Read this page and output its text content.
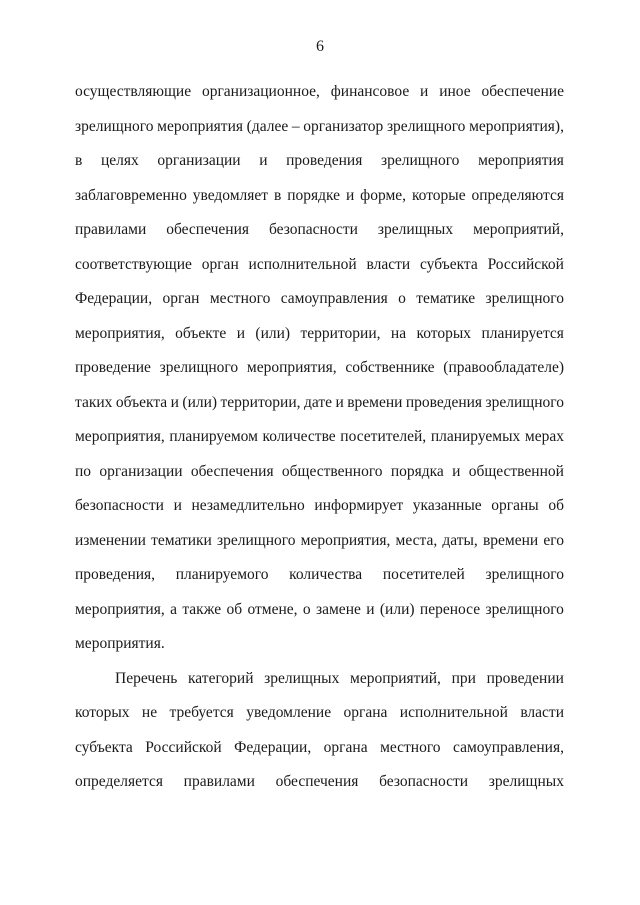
6
осуществляющие организационное, финансовое и иное обеспечение
зрелищного мероприятия (далее – организатор зрелищного мероприятия),
в целях организации и проведения зрелищного мероприятия
заблаговременно уведомляет в порядке и форме, которые определяются
правилами обеспечения безопасности зрелищных мероприятий,
соответствующие орган исполнительной власти субъекта Российской
Федерации, орган местного самоуправления о тематике зрелищного
мероприятия, объекте и (или) территории, на которых планируется
проведение зрелищного мероприятия, собственнике (правообладателе)
таких объекта и (или) территории, дате и времени проведения зрелищного
мероприятия, планируемом количестве посетителей, планируемых мерах
по организации обеспечения общественного порядка и общественной
безопасности и незамедлительно информирует указанные органы об
изменении тематики зрелищного мероприятия, места, даты, времени его
проведения, планируемого количества посетителей зрелищного
мероприятия, а также об отмене, о замене и (или) переносе зрелищного
мероприятия.
Перечень категорий зрелищных мероприятий, при проведении
которых не требуется уведомление органа исполнительной власти
субъекта Российской Федерации, органа местного самоуправления,
определяется правилами обеспечения безопасности зрелищных
